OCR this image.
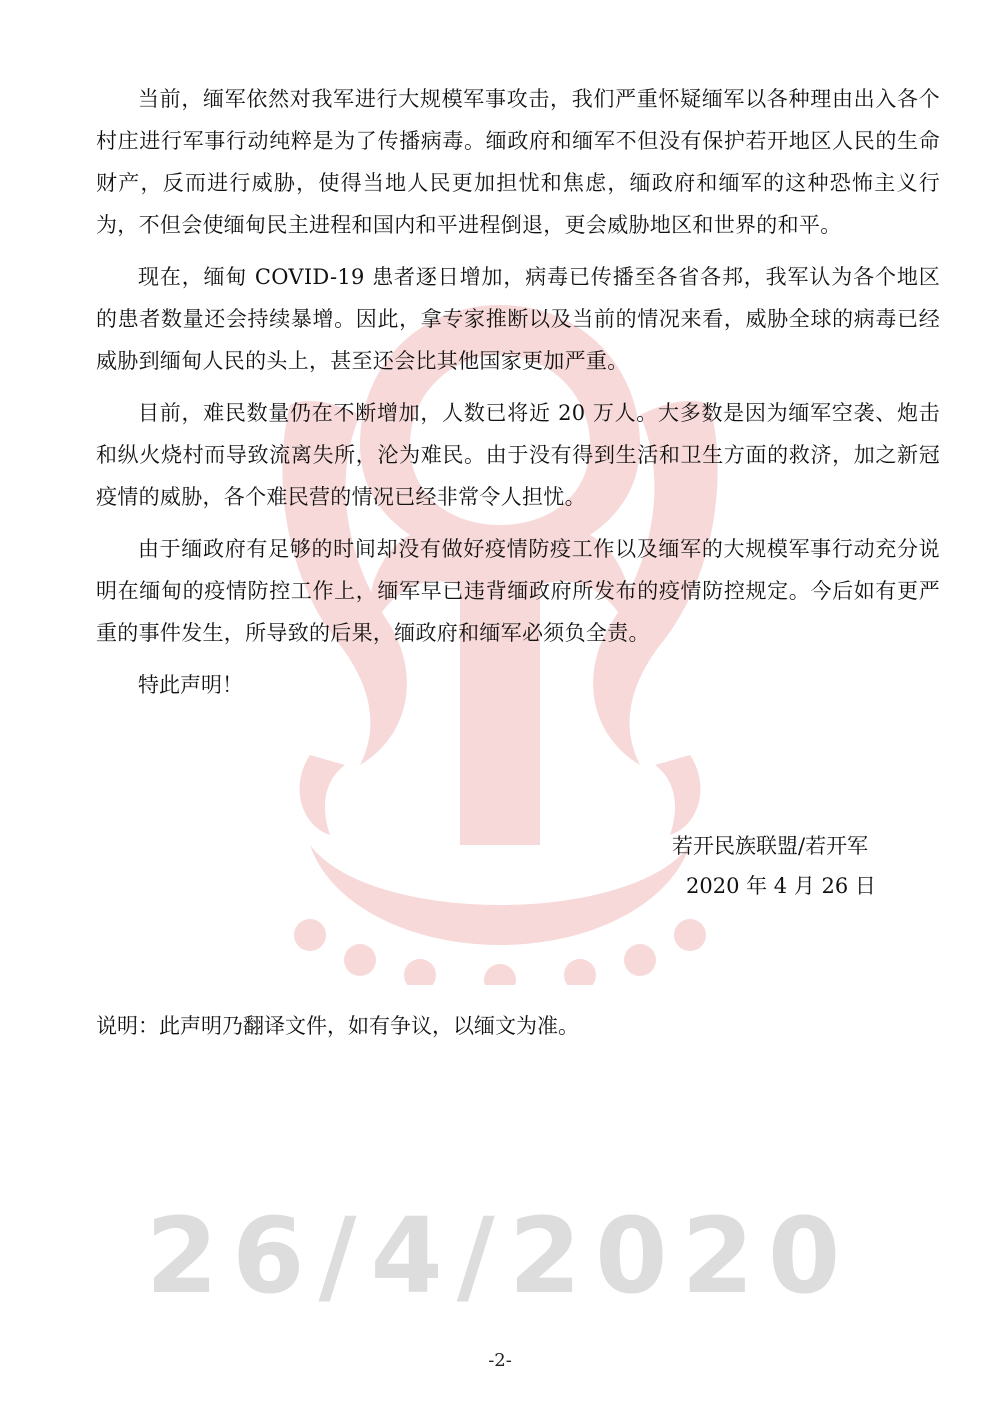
当前，缅军依然对我军进行大规模军事攻击，我们严重怀疑缅军以各种理由出入各个村庄进行军事行动纯粹是为了传播病毒。缅政府和缅军不但没有保护若开地区人民的生命财产，反而进行威胁，使得当地人民更加担忧和焦虑，缅政府和缅军的这种恐怖主义行为，不但会使缅甸民主进程和国内和平进程倒退，更会威胁地区和世界的和平。

现在，缅甸 COVID-19 患者逐日增加，病毒已传播至各省各邦，我军认为各个地区的患者数量还会持续暴增。因此，拿专家推断以及当前的情况来看，威胁全球的病毒已经威胁到缅甸人民的头上，甚至还会比其他国家更加严重。

目前，难民数量仍在不断增加，人数已将近 20 万人。大多数是因为缅军空袭、炮击和纵火烧村而导致流离失所，沦为难民。由于没有得到生活和卫生方面的救济，加之新冠疫情的威胁，各个难民营的情况已经非常令人担忧。

由于缅政府有足够的时间却没有做好疫情防疫工作以及缅军的大规模军事行动充分说明在缅甸的疫情防控工作上，缅军早已违背缅政府所发布的疫情防控规定。今后如有更严重的事件发生，所导致的后果，缅政府和缅军必须负全责。

特此声明！

若开民族联盟/若开军
2020 年 4 月 26 日
说明：此声明乃翻译文件，如有争议，以缅文为准。
26/4/2020
-2-
